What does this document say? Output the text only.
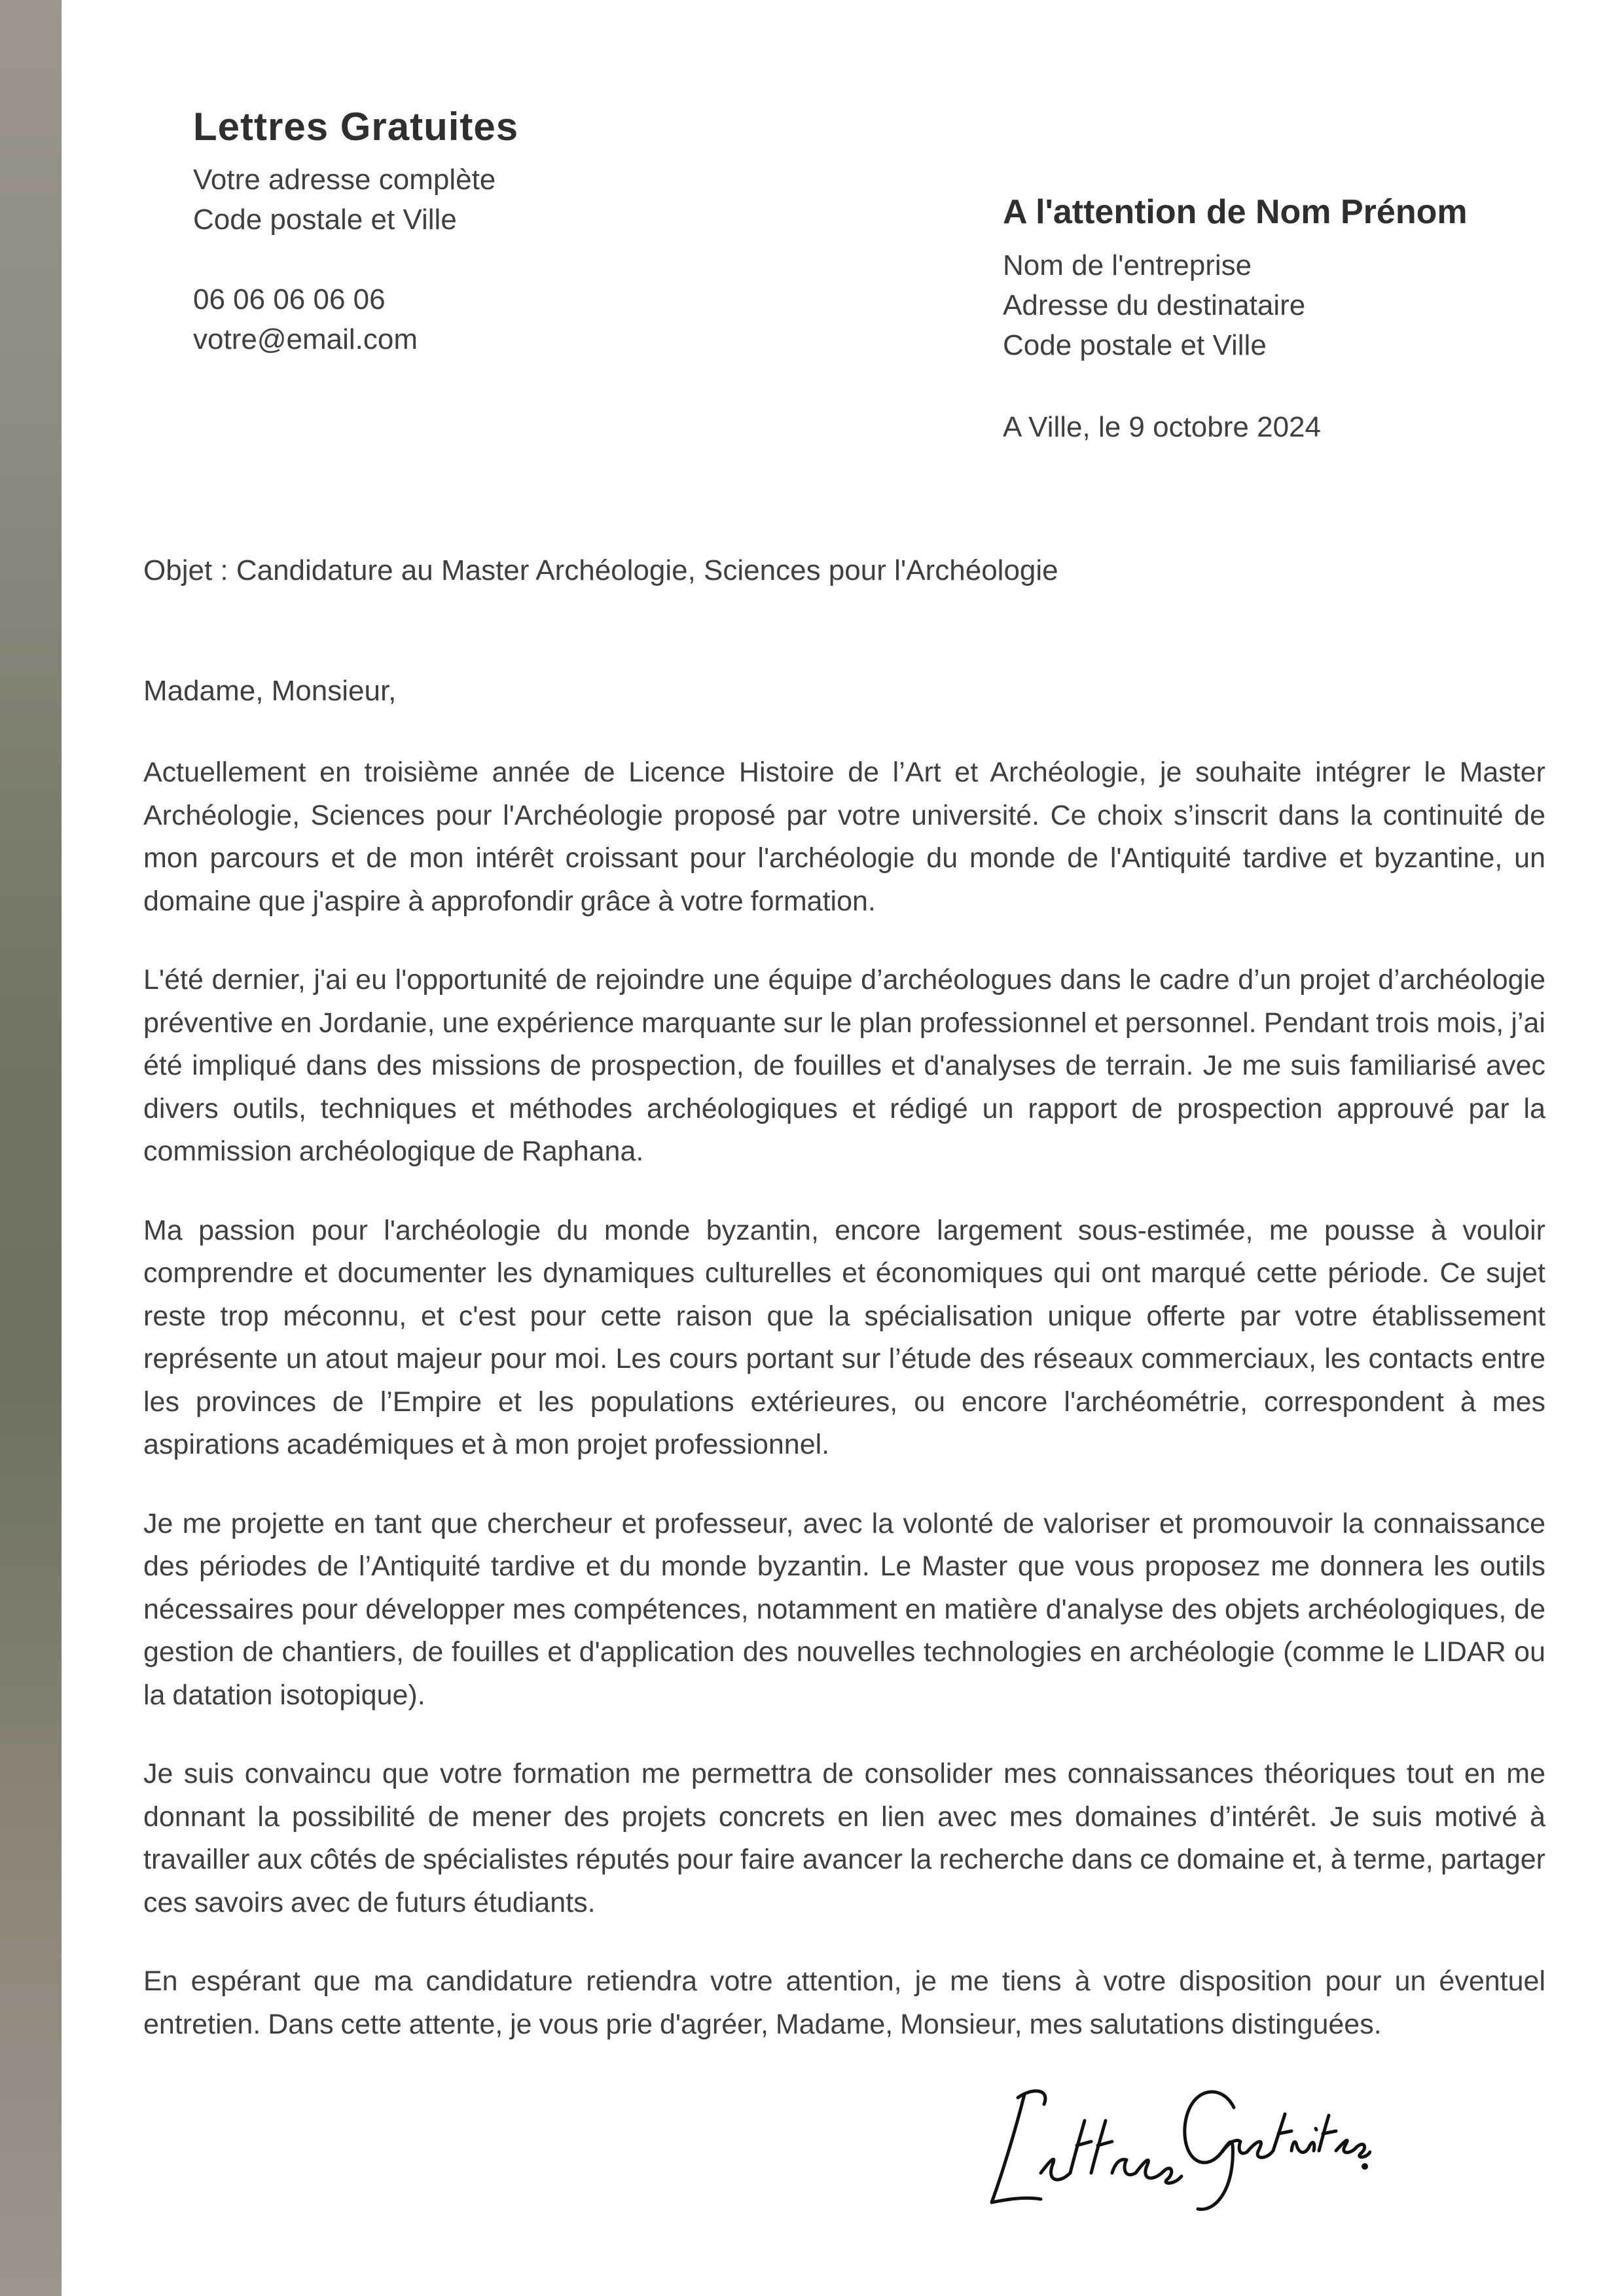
Lettres Gratuites
Votre adresse complète
Code postale et Ville
06 06 06 06 06
votre@email.com
A l'attention de Nom Prénom
Nom de l'entreprise
Adresse du destinataire
Code postale et Ville
A Ville, le 9 octobre 2024
Objet : Candidature au Master Archéologie, Sciences pour l'Archéologie
Madame, Monsieur,

Actuellement en troisième année de Licence Histoire de l’Art et Archéologie, je souhaite intégrer le Master Archéologie, Sciences pour l'Archéologie proposé par votre université. Ce choix s’inscrit dans la continuité de mon parcours et de mon intérêt croissant pour l'archéologie du monde de l'Antiquité tardive et byzantine, un domaine que j'aspire à approfondir grâce à votre formation.

L'été dernier, j'ai eu l'opportunité de rejoindre une équipe d’archéologues dans le cadre d’un projet d’archéologie préventive en Jordanie, une expérience marquante sur le plan professionnel et personnel. Pendant trois mois, j’ai été impliqué dans des missions de prospection, de fouilles et d'analyses de terrain. Je me suis familiarisé avec divers outils, techniques et méthodes archéologiques et rédigé un rapport de prospection approuvé par la commission archéologique de Raphana.

Ma passion pour l'archéologie du monde byzantin, encore largement sous-estimée, me pousse à vouloir comprendre et documenter les dynamiques culturelles et économiques qui ont marqué cette période. Ce sujet reste trop méconnu, et c'est pour cette raison que la spécialisation unique offerte par votre établissement représente un atout majeur pour moi. Les cours portant sur l’étude des réseaux commerciaux, les contacts entre les provinces de l’Empire et les populations extérieures, ou encore l'archéométrie, correspondent à mes aspirations académiques et à mon projet professionnel.

Je me projette en tant que chercheur et professeur, avec la volonté de valoriser et promouvoir la connaissance des périodes de l’Antiquité tardive et du monde byzantin. Le Master que vous proposez me donnera les outils nécessaires pour développer mes compétences, notamment en matière d'analyse des objets archéologiques, de gestion de chantiers, de fouilles et d'application des nouvelles technologies en archéologie (comme le LIDAR ou la datation isotopique).

Je suis convaincu que votre formation me permettra de consolider mes connaissances théoriques tout en me donnant la possibilité de mener des projets concrets en lien avec mes domaines d’intérêt. Je suis motivé à travailler aux côtés de spécialistes réputés pour faire avancer la recherche dans ce domaine et, à terme, partager ces savoirs avec de futurs étudiants.

En espérant que ma candidature retiendra votre attention, je me tiens à votre disposition pour un éventuel entretien. Dans cette attente, je vous prie d'agréer, Madame, Monsieur, mes salutations distinguées.
